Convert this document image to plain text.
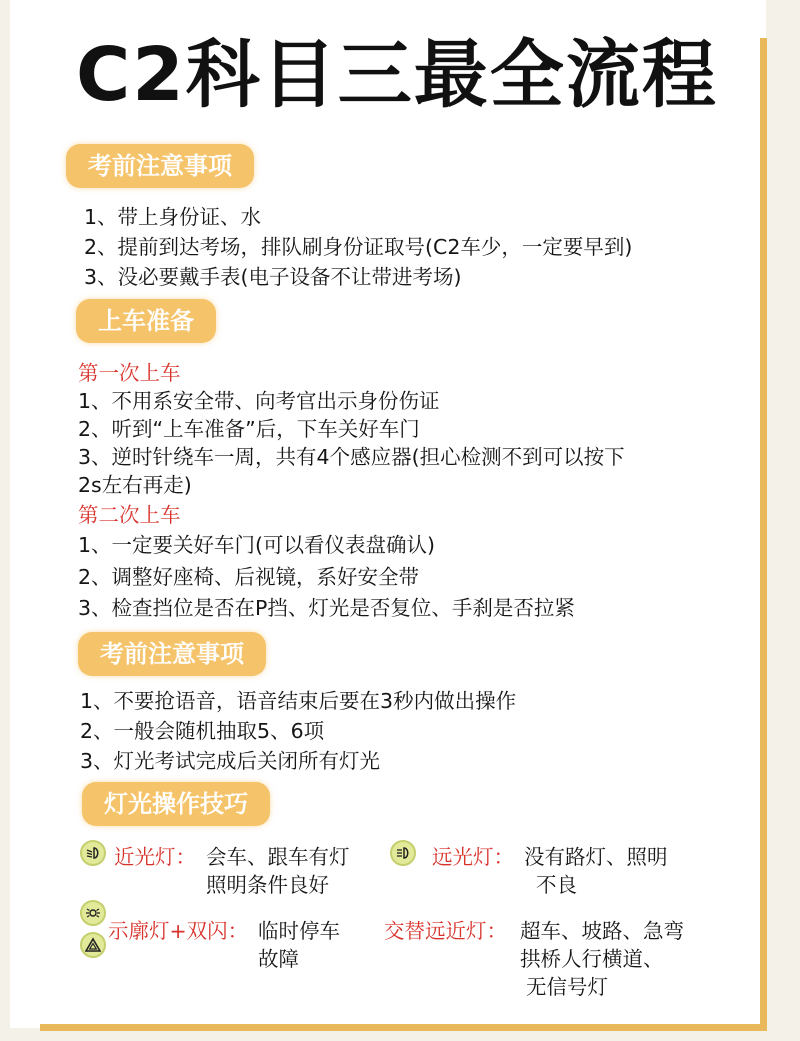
C2科目三最全流程
考前注意事项
1、带上身份证、水
2、提前到达考场，排队刷身份证取号(C2车少，一定要早到)
3、没必要戴手表(电子设备不让带进考场)
上车准备
第一次上车
1、不用系安全带、向考官出示身份伤证
2、听到“上车准备”后，下车关好车门
3、逆时针绕车一周，共有4个感应器(担心检测不到可以按下
2s左右再走)
第二次上车
1、一定要关好车门(可以看仪表盘确认)
2、调整好座椅、后视镜，系好安全带
3、检查挡位是否在P挡、灯光是否复位、手刹是否拉紧
考前注意事项
1、不要抢语音，语音结束后要在3秒内做出操作
2、一般会随机抽取5、6项
3、灯光考试完成后关闭所有灯光
灯光操作技巧
近光灯： 会车、跟车有灯
照明条件良好
远光灯： 没有路灯、照明
不良
示廓灯+双闪： 临时停车
故障
交替远近灯： 超车、坡路、急弯
拱桥人行横道、
无信号灯
